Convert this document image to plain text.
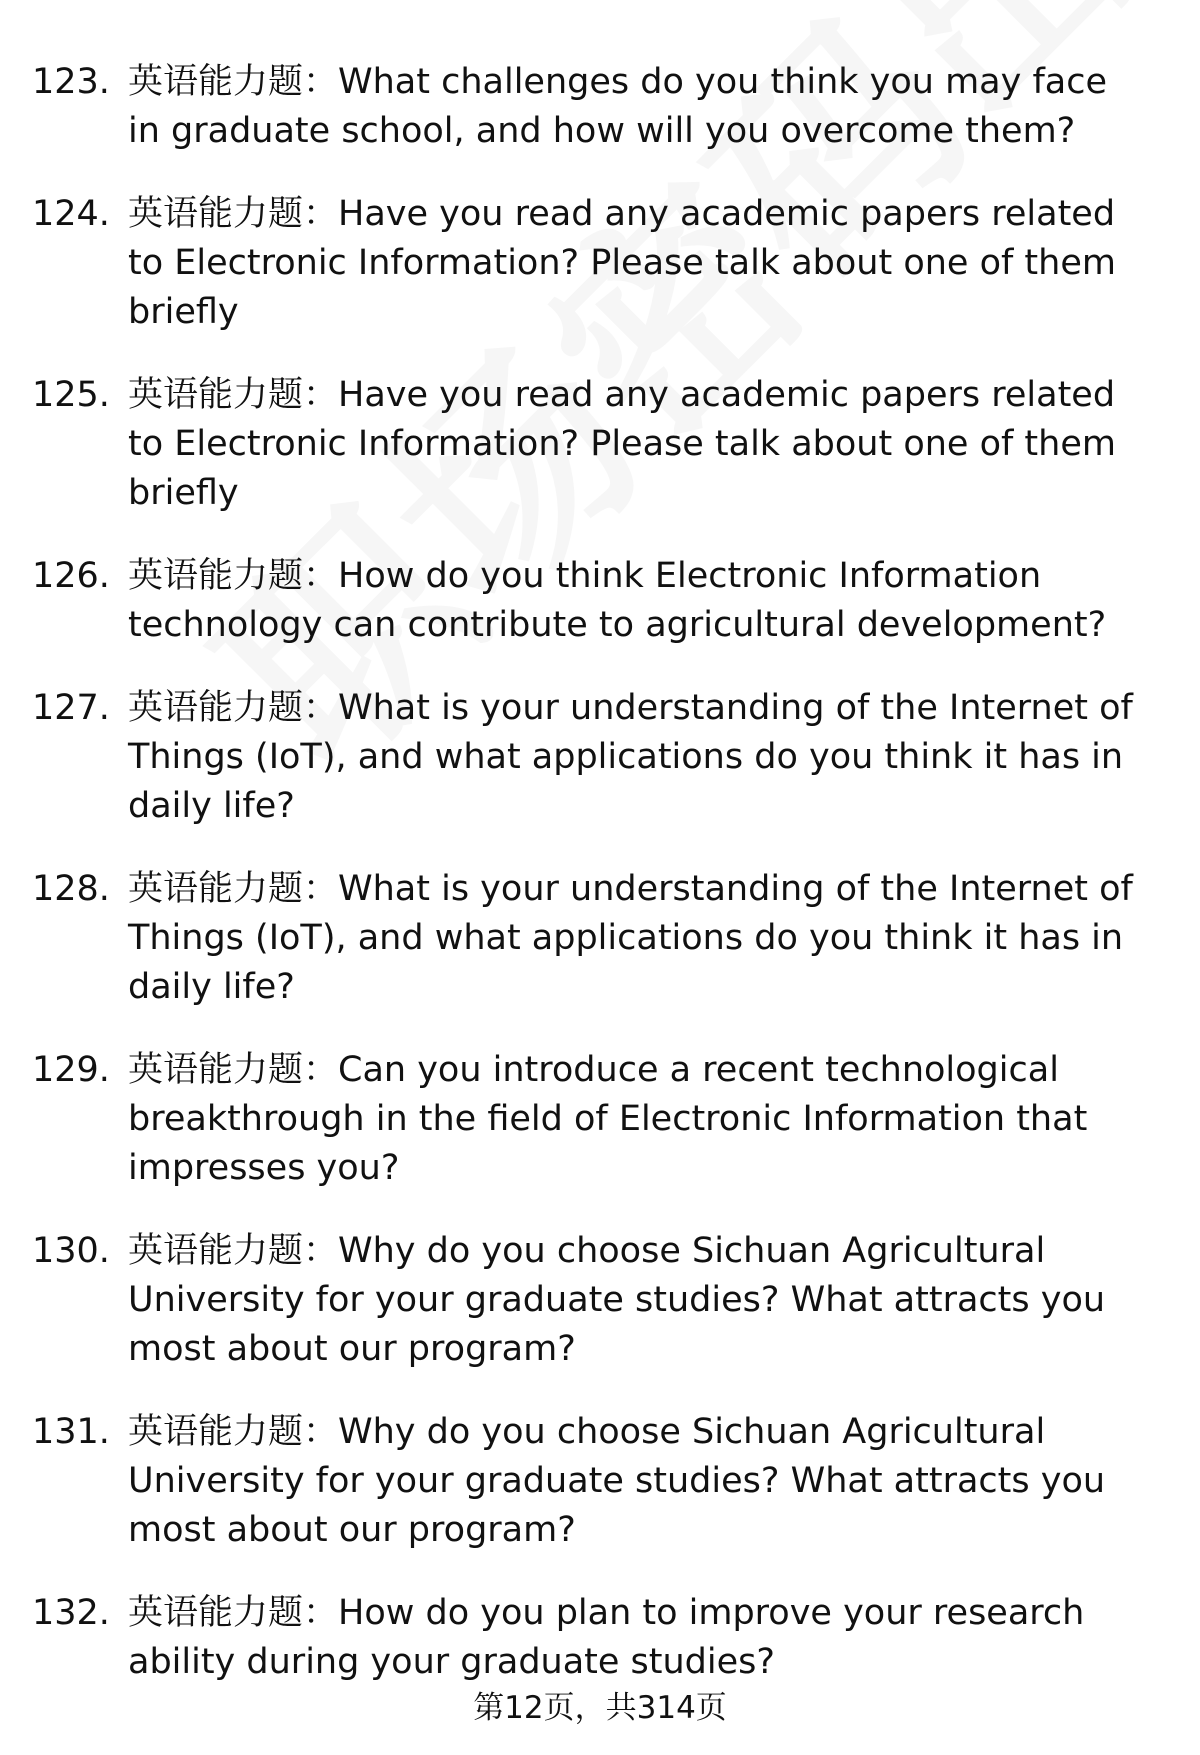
123. 英语能力题：What challenges do you think you may face in graduate school, and how will you overcome them?
124. 英语能力题：Have you read any academic papers related to Electronic Information? Please talk about one of them briefly
125. 英语能力题：Have you read any academic papers related to Electronic Information? Please talk about one of them briefly
126. 英语能力题：How do you think Electronic Information technology can contribute to agricultural development?
127. 英语能力题：What is your understanding of the Internet of Things (IoT), and what applications do you think it has in daily life?
128. 英语能力题：What is your understanding of the Internet of Things (IoT), and what applications do you think it has in daily life?
129. 英语能力题：Can you introduce a recent technological breakthrough in the field of Electronic Information that impresses you?
130. 英语能力题：Why do you choose Sichuan Agricultural University for your graduate studies? What attracts you most about our program?
131. 英语能力题：Why do you choose Sichuan Agricultural University for your graduate studies? What attracts you most about our program?
132. 英语能力题：How do you plan to improve your research ability during your graduate studies?
第12页，共314页
